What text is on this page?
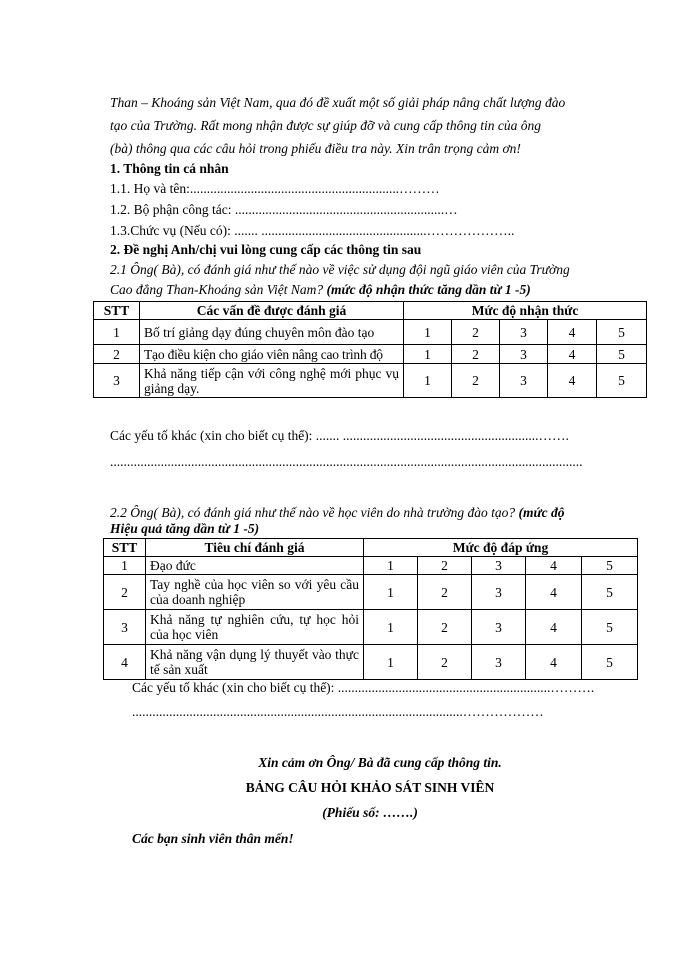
Than – Khoáng sản Việt Nam, qua đó đề xuất một số giải pháp nâng chất lượng đào
tạo của Trường. Rất mong nhận được sự giúp đỡ và cung cấp thông tin của ông
(bà) thông qua các câu hỏi trong phiếu điều tra này. Xin trân trọng cảm ơn!
1. Thông tin cá nhân
1.1. Họ và tên:..............................................................………
1.2. Bộ phận công tác: ..............................................................…
1.3.Chức vụ (Nếu có): ....... .................................................………………..
2. Đề nghị Anh/chị vui lòng cung cấp các thông tin sau
2.1 Ông( Bà), có đánh giá như thế nào về việc sử dụng đội ngũ giáo viên của Trường
Cao đẳng Than-Khoáng sản Việt Nam? (mức độ nhận thức tăng dần từ 1 -5)
STT	Các vấn đề được đánh giá	Mức độ nhận thức				
1	Bố trí giảng dạy đúng chuyên môn đào tạo	1	2	3	4	5
2	Tạo điều kiện cho giáo viên nâng cao trình độ	1	2	3	4	5
3	Khả năng tiếp cận với công nghệ mới phục vụ giảng dạy.	1	2	3	4	5
Các yếu tố khác (xin cho biết cụ thể): ....... ..........................................................…….
............................................................................................................................................
2.2 Ông( Bà), có đánh giá như thế nào về học viên do nhà trường đào tạo? (mức độ
Hiệu quả tăng dần từ 1 -5)
STT	Tiêu chí đánh giá	Mức độ đáp ứng				
1	Đạo đức	1	2	3	4	5
2	Tay nghề của học viên so với yêu cầu của doanh nghiệp	1	2	3	4	5
3	Khả năng tự nghiên cứu, tự học hỏi của học viên	1	2	3	4	5
4	Khả năng vận dụng lý thuyết vào thực tế sản xuất	1	2	3	4	5
Các yếu tố khác (xin cho biết cụ thể): ...............................................................……….
..................................................................................................………………
Xin cảm ơn Ông/ Bà đã cung cấp thông tin.
BẢNG CÂU HỎI KHẢO SÁT SINH VIÊN
(Phiếu số: …….)
Các bạn sinh viên thân mến!
